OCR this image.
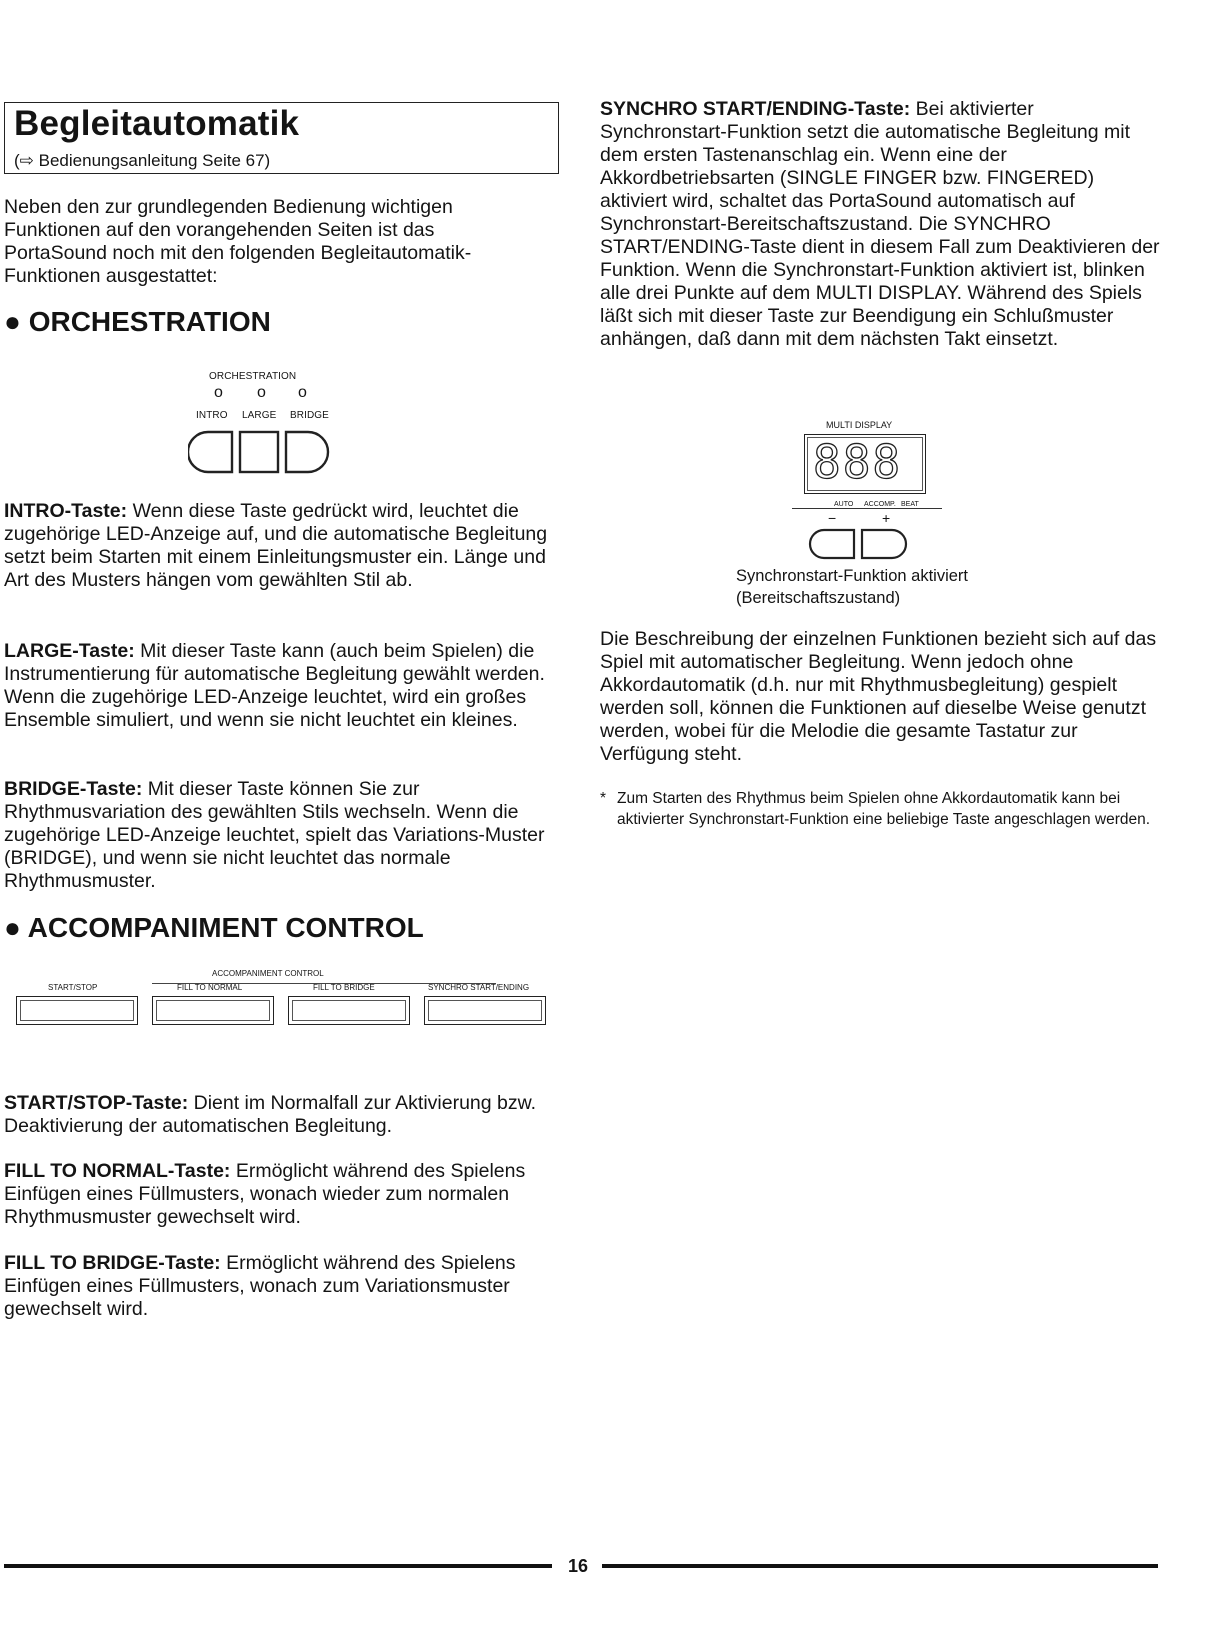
Begleitautomatik
(⇨ Bedienungsanleitung Seite 67)
Neben den zur grundlegenden Bedienung wichtigen Funktionen auf den vorangehenden Seiten ist das PortaSound noch mit den folgenden Begleitautomatik-Funktionen ausgestattet:
● ORCHESTRATION
ORCHESTRATION
o o o
INTRO LARGE BRIDGE
INTRO-Taste: Wenn diese Taste gedrückt wird, leuchtet die zugehörige LED-Anzeige auf, und die automatische Begleitung setzt beim Starten mit einem Einleitungsmuster ein. Länge und Art des Musters hängen vom gewählten Stil ab.
LARGE-Taste: Mit dieser Taste kann (auch beim Spielen) die Instrumentierung für automatische Begleitung gewählt werden. Wenn die zugehörige LED-Anzeige leuchtet, wird ein großes Ensemble simuliert, und wenn sie nicht leuchtet ein kleines.
BRIDGE-Taste: Mit dieser Taste können Sie zur Rhythmusvariation des gewählten Stils wechseln. Wenn die zugehörige LED-Anzeige leuchtet, spielt das Variations-Muster (BRIDGE), und wenn sie nicht leuchtet das normale Rhythmusmuster.
● ACCOMPANIMENT CONTROL
ACCOMPANIMENT CONTROL
START/STOP	FILL TO NORMAL	FILL TO BRIDGE	SYNCHRO START/ENDING
START/STOP-Taste: Dient im Normalfall zur Aktivierung bzw. Deaktivierung der automatischen Begleitung.
FILL TO NORMAL-Taste: Ermöglicht während des Spielens Einfügen eines Füllmusters, wonach wieder zum normalen Rhythmusmuster gewechselt wird.
FILL TO BRIDGE-Taste: Ermöglicht während des Spielens Einfügen eines Füllmusters, wonach zum Variationsmuster gewechselt wird.
SYNCHRO START/ENDING-Taste: Bei aktivierter Synchronstart-Funktion setzt die automatische Begleitung mit dem ersten Tastenanschlag ein. Wenn eine der Akkordbetriebsarten (SINGLE FINGER bzw. FINGERED) aktiviert wird, schaltet das PortaSound automatisch auf Synchronstart-Bereitschaftszustand. Die SYNCHRO START/ENDING-Taste dient in diesem Fall zum Deaktivieren der Funktion. Wenn die Synchronstart-Funktion aktiviert ist, blinken alle drei Punkte auf dem MULTI DISPLAY. Während des Spiels läßt sich mit dieser Taste zur Beendigung ein Schlußmuster anhängen, daß dann mit dem nächsten Takt einsetzt.
MULTI DISPLAY
888
AUTO ACCOMP. BEAT
−	+
Synchronstart-Funktion aktiviert
(Bereitschaftszustand)
Die Beschreibung der einzelnen Funktionen bezieht sich auf das Spiel mit automatischer Begleitung. Wenn jedoch ohne Akkordautomatik (d.h. nur mit Rhythmusbegleitung) gespielt werden soll, können die Funktionen auf dieselbe Weise genutzt werden, wobei für die Melodie die gesamte Tastatur zur Verfügung steht.
* Zum Starten des Rhythmus beim Spielen ohne Akkordautomatik kann bei aktivierter Synchronstart-Funktion eine beliebige Taste angeschlagen werden.
16
